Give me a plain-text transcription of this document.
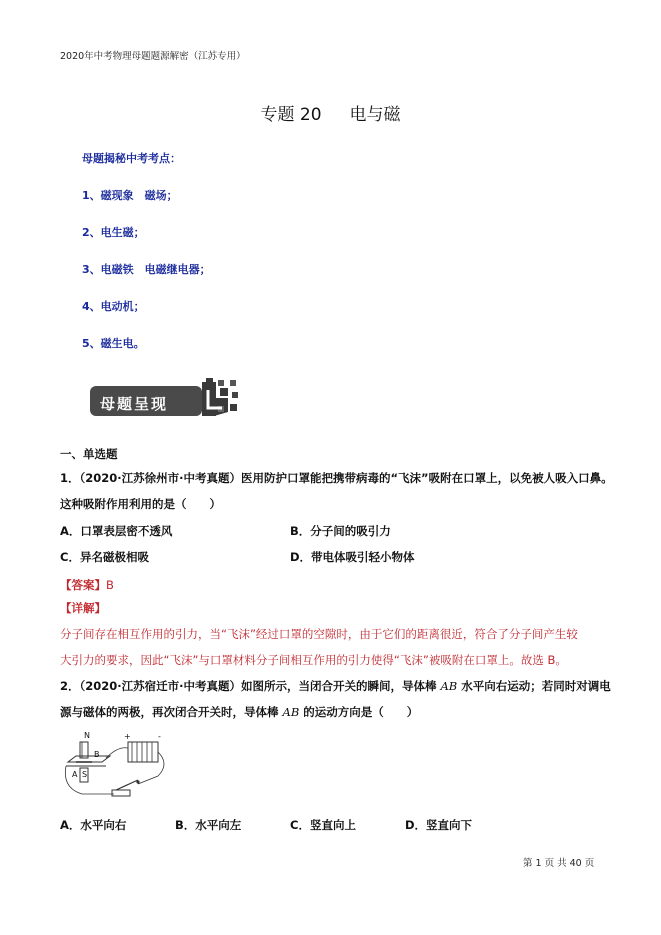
2020年中考物理母题题源解密（江苏专用）
专题 20 电与磁
母题揭秘中考考点：
1、磁现象　磁场；
2、电生磁；
3、电磁铁　电磁继电器；
4、电动机；
5、磁生电。
母题呈现
一、单选题
1．（2020·江苏徐州市·中考真题）医用防护口罩能把携带病毒的“飞沫”吸附在口罩上，以免被人吸入口鼻。
这种吸附作用利用的是（　　）
A．口罩表层密不透风	B．分子间的吸引力
C．异名磁极相吸	D．带电体吸引轻小物体
【答案】B
【详解】
分子间存在相互作用的引力，当“飞沫”经过口罩的空隙时，由于它们的距离很近，符合了分子间产生较
大引力的要求，因此“飞沫”与口罩材料分子间相互作用的引力使得“飞沫”被吸附在口罩上。故选 B。
2．（2020·江苏宿迁市·中考真题）如图所示，当闭合开关的瞬间，导体棒 AB 水平向右运动；若同时对调电
源与磁体的两极，再次闭合开关时，导体棒 AB 的运动方向是（　　）
N
B
A S
+	-
A．水平向右	B．水平向左	C．竖直向上	D．竖直向下
第 1 页 共 40 页
